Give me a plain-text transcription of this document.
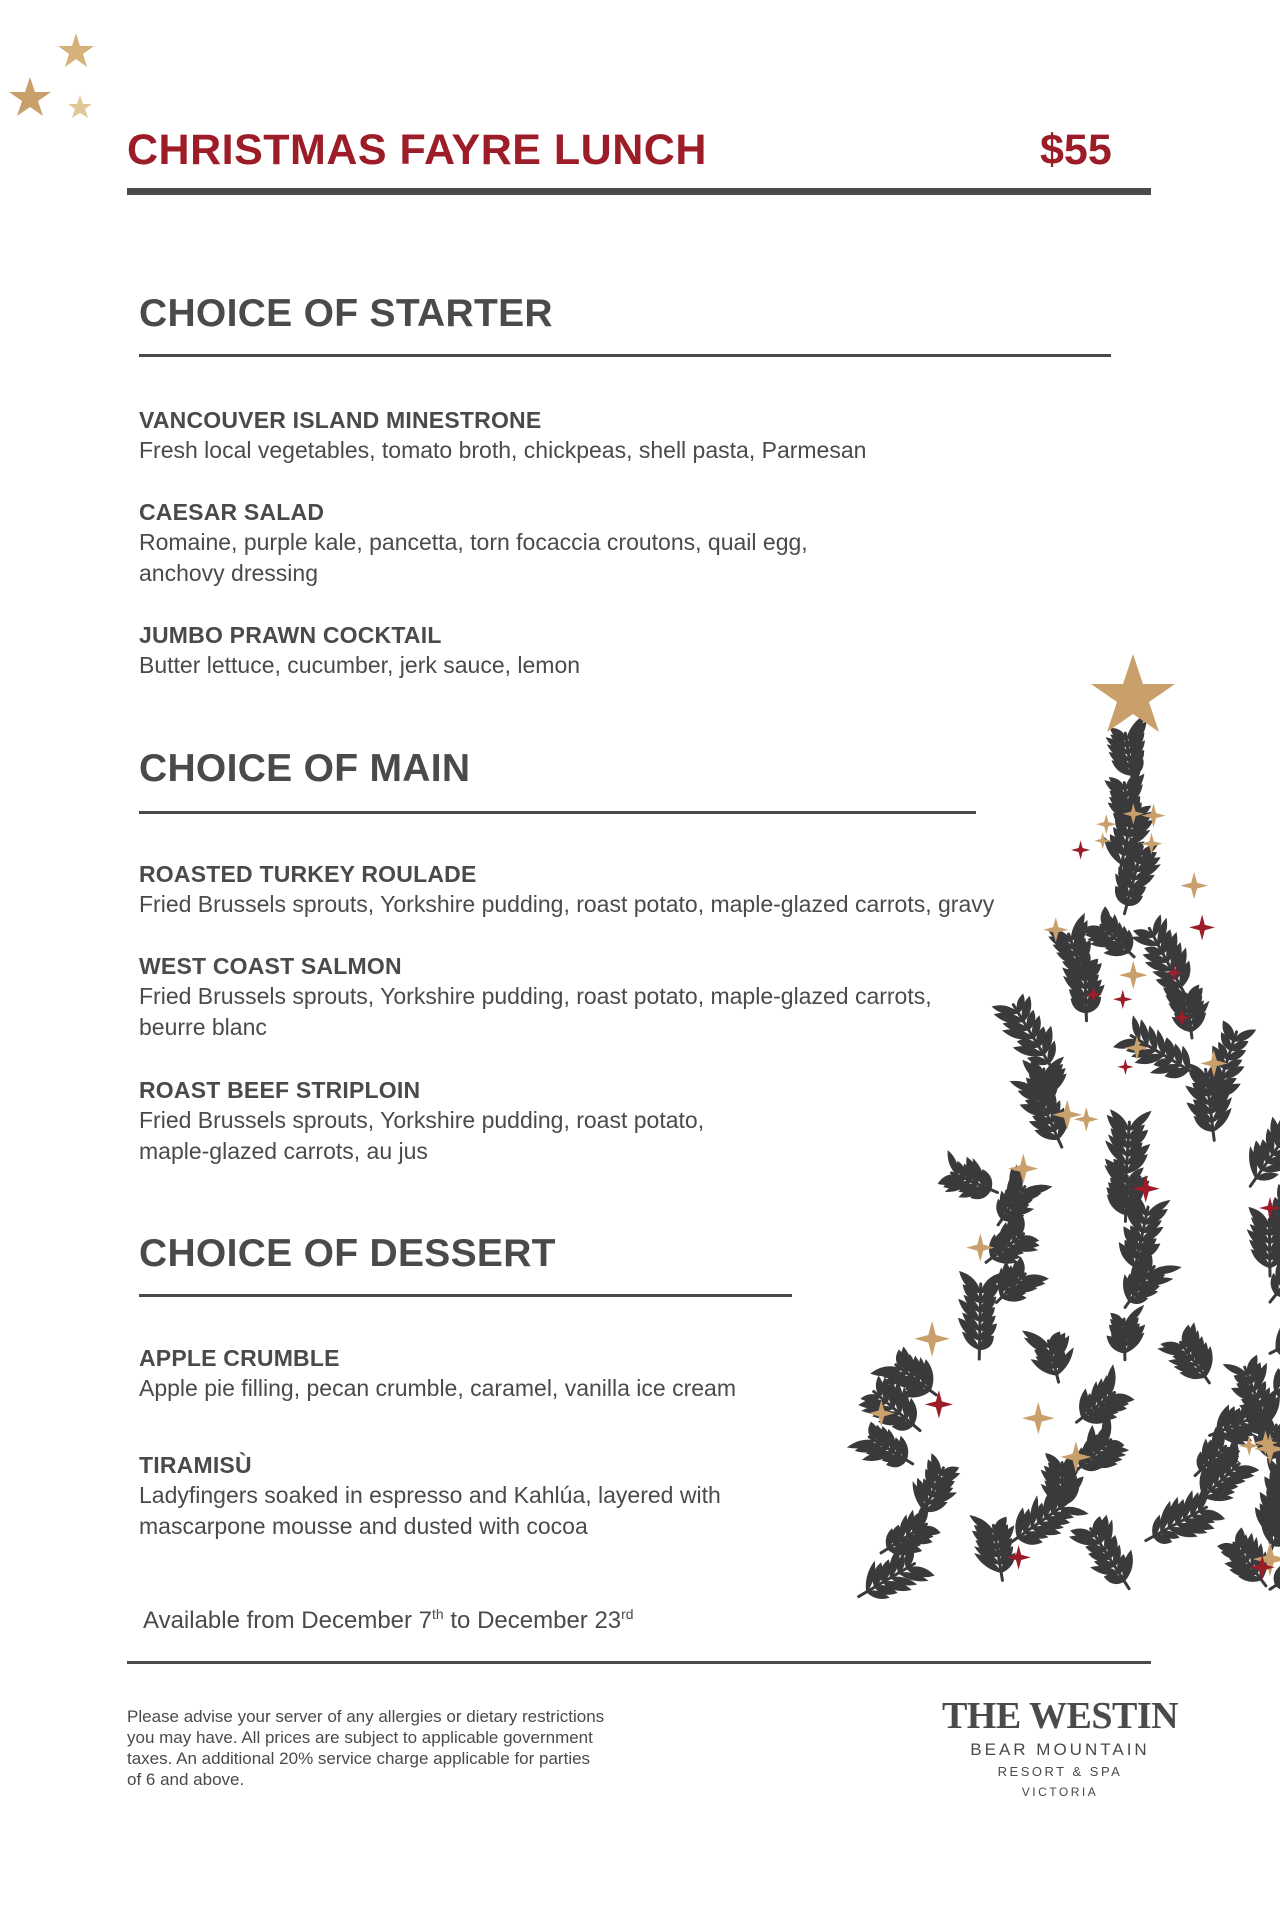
CHRISTMAS FAYRE LUNCH	$55
CHOICE OF STARTER
VANCOUVER ISLAND MINESTRONE
Fresh local vegetables, tomato broth, chickpeas, shell pasta, Parmesan
CAESAR SALAD
Romaine, purple kale, pancetta, torn focaccia croutons, quail egg,
anchovy dressing
JUMBO PRAWN COCKTAIL
Butter lettuce, cucumber, jerk sauce, lemon
CHOICE OF MAIN
ROASTED TURKEY ROULADE
Fried Brussels sprouts, Yorkshire pudding, roast potato, maple-glazed carrots, gravy
WEST COAST SALMON
Fried Brussels sprouts, Yorkshire pudding, roast potato, maple-glazed carrots,
beurre blanc
ROAST BEEF STRIPLOIN
Fried Brussels sprouts, Yorkshire pudding, roast potato,
maple-glazed carrots, au jus
CHOICE OF DESSERT
APPLE CRUMBLE
Apple pie filling, pecan crumble, caramel, vanilla ice cream
TIRAMISÙ
Ladyfingers soaked in espresso and Kahlúa, layered with
mascarpone mousse and dusted with cocoa
Available from December 7th to December 23rd
Please advise your server of any allergies or dietary restrictions
you may have. All prices are subject to applicable government
taxes. An additional 20% service charge applicable for parties
of 6 and above.
THE WESTIN
BEAR MOUNTAIN
RESORT & SPA
VICTORIA
